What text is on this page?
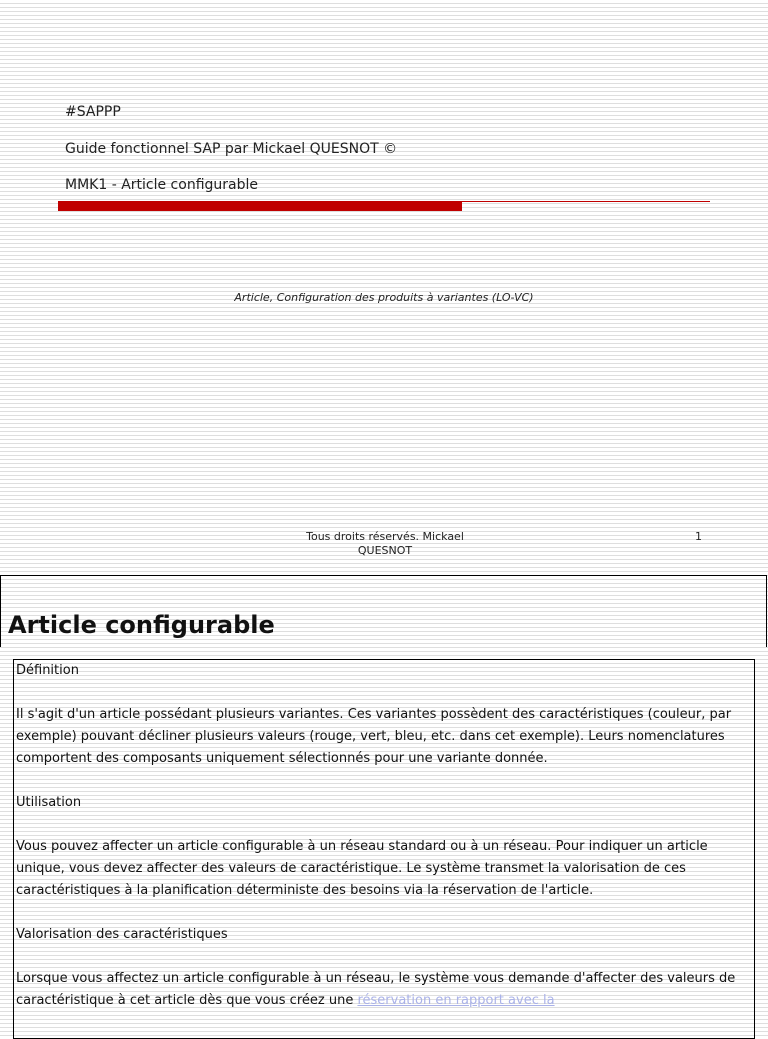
#SAPPP
Guide fonctionnel SAP par Mickael QUESNOT ©
MMK1 - Article configurable
Article, Configuration des produits à variantes (LO-VC)
Tous droits réservés. Mickael QUESNOT
1
Article configurable

Définition

Il s'agit d'un article possédant plusieurs variantes. Ces variantes possèdent des caractéristiques (couleur, par exemple) pouvant décliner plusieurs valeurs (rouge, vert, bleu, etc. dans cet exemple). Leurs nomenclatures comportent des composants uniquement sélectionnés pour une variante donnée.

Utilisation

Vous pouvez affecter un article configurable à un réseau standard ou à un réseau. Pour indiquer un article unique, vous devez affecter des valeurs de caractéristique. Le système transmet la valorisation de ces caractéristiques à la planification déterministe des besoins via la réservation de l'article.

Valorisation des caractéristiques

Lorsque vous affectez un article configurable à un réseau, le système vous demande d'affecter des valeurs de caractéristique à cet article dès que vous créez une réservation en rapport avec la
